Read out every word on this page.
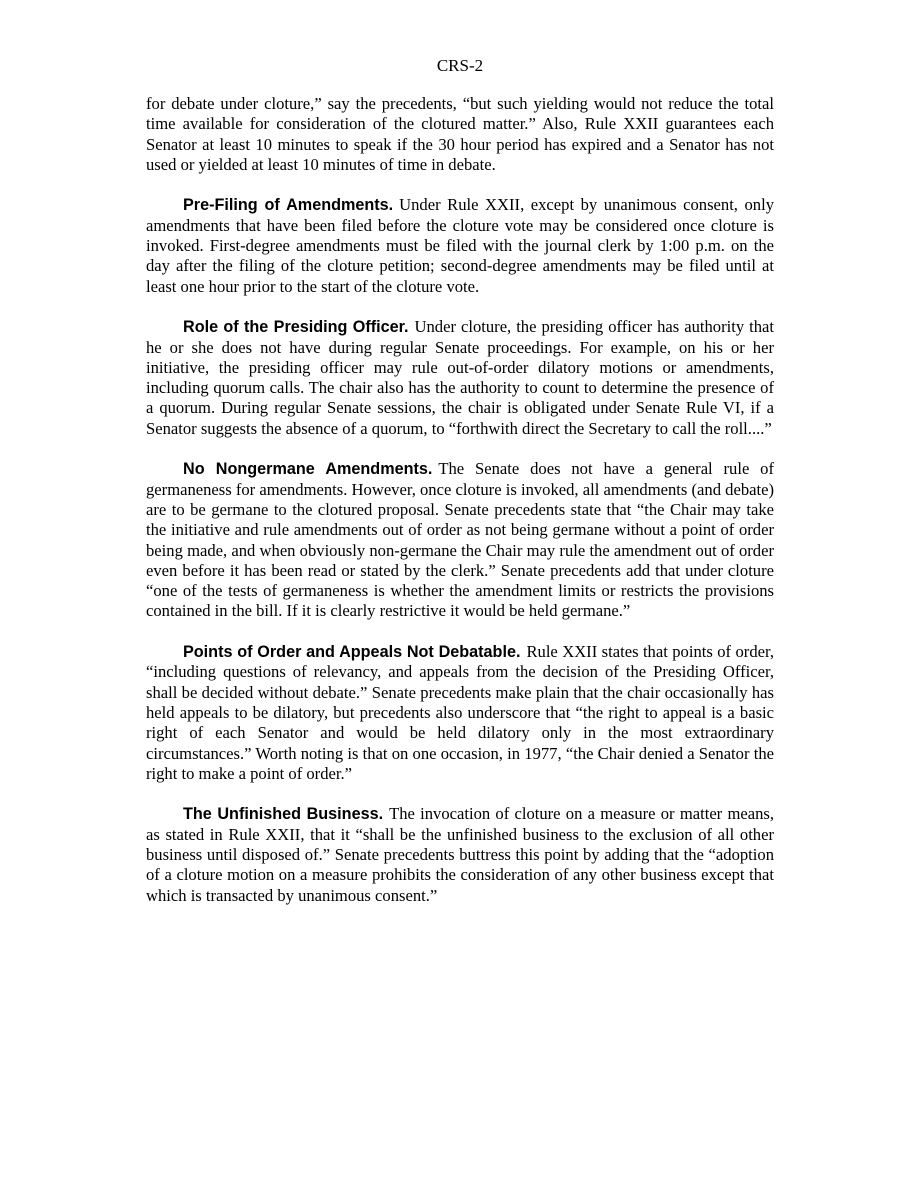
CRS-2

for debate under cloture,” say the precedents, “but such yielding would not reduce the total time available for consideration of the clotured matter.” Also, Rule XXII guarantees each Senator at least 10 minutes to speak if the 30 hour period has expired and a Senator has not used or yielded at least 10 minutes of time in debate.

Pre-Filing of Amendments. Under Rule XXII, except by unanimous consent, only amendments that have been filed before the cloture vote may be considered once cloture is invoked. First-degree amendments must be filed with the journal clerk by 1:00 p.m. on the day after the filing of the cloture petition; second-degree amendments may be filed until at least one hour prior to the start of the cloture vote.

Role of the Presiding Officer. Under cloture, the presiding officer has authority that he or she does not have during regular Senate proceedings. For example, on his or her initiative, the presiding officer may rule out-of-order dilatory motions or amendments, including quorum calls. The chair also has the authority to count to determine the presence of a quorum. During regular Senate sessions, the chair is obligated under Senate Rule VI, if a Senator suggests the absence of a quorum, to “forthwith direct the Secretary to call the roll....”

No Nongermane Amendments. The Senate does not have a general rule of germaneness for amendments. However, once cloture is invoked, all amendments (and debate) are to be germane to the clotured proposal. Senate precedents state that “the Chair may take the initiative and rule amendments out of order as not being germane without a point of order being made, and when obviously non-germane the Chair may rule the amendment out of order even before it has been read or stated by the clerk.” Senate precedents add that under cloture “one of the tests of germaneness is whether the amendment limits or restricts the provisions contained in the bill. If it is clearly restrictive it would be held germane.”

Points of Order and Appeals Not Debatable. Rule XXII states that points of order, “including questions of relevancy, and appeals from the decision of the Presiding Officer, shall be decided without debate.” Senate precedents make plain that the chair occasionally has held appeals to be dilatory, but precedents also underscore that “the right to appeal is a basic right of each Senator and would be held dilatory only in the most extraordinary circumstances.” Worth noting is that on one occasion, in 1977, “the Chair denied a Senator the right to make a point of order.”

The Unfinished Business. The invocation of cloture on a measure or matter means, as stated in Rule XXII, that it “shall be the unfinished business to the exclusion of all other business until disposed of.” Senate precedents buttress this point by adding that the “adoption of a cloture motion on a measure prohibits the consideration of any other business except that which is transacted by unanimous consent.”
